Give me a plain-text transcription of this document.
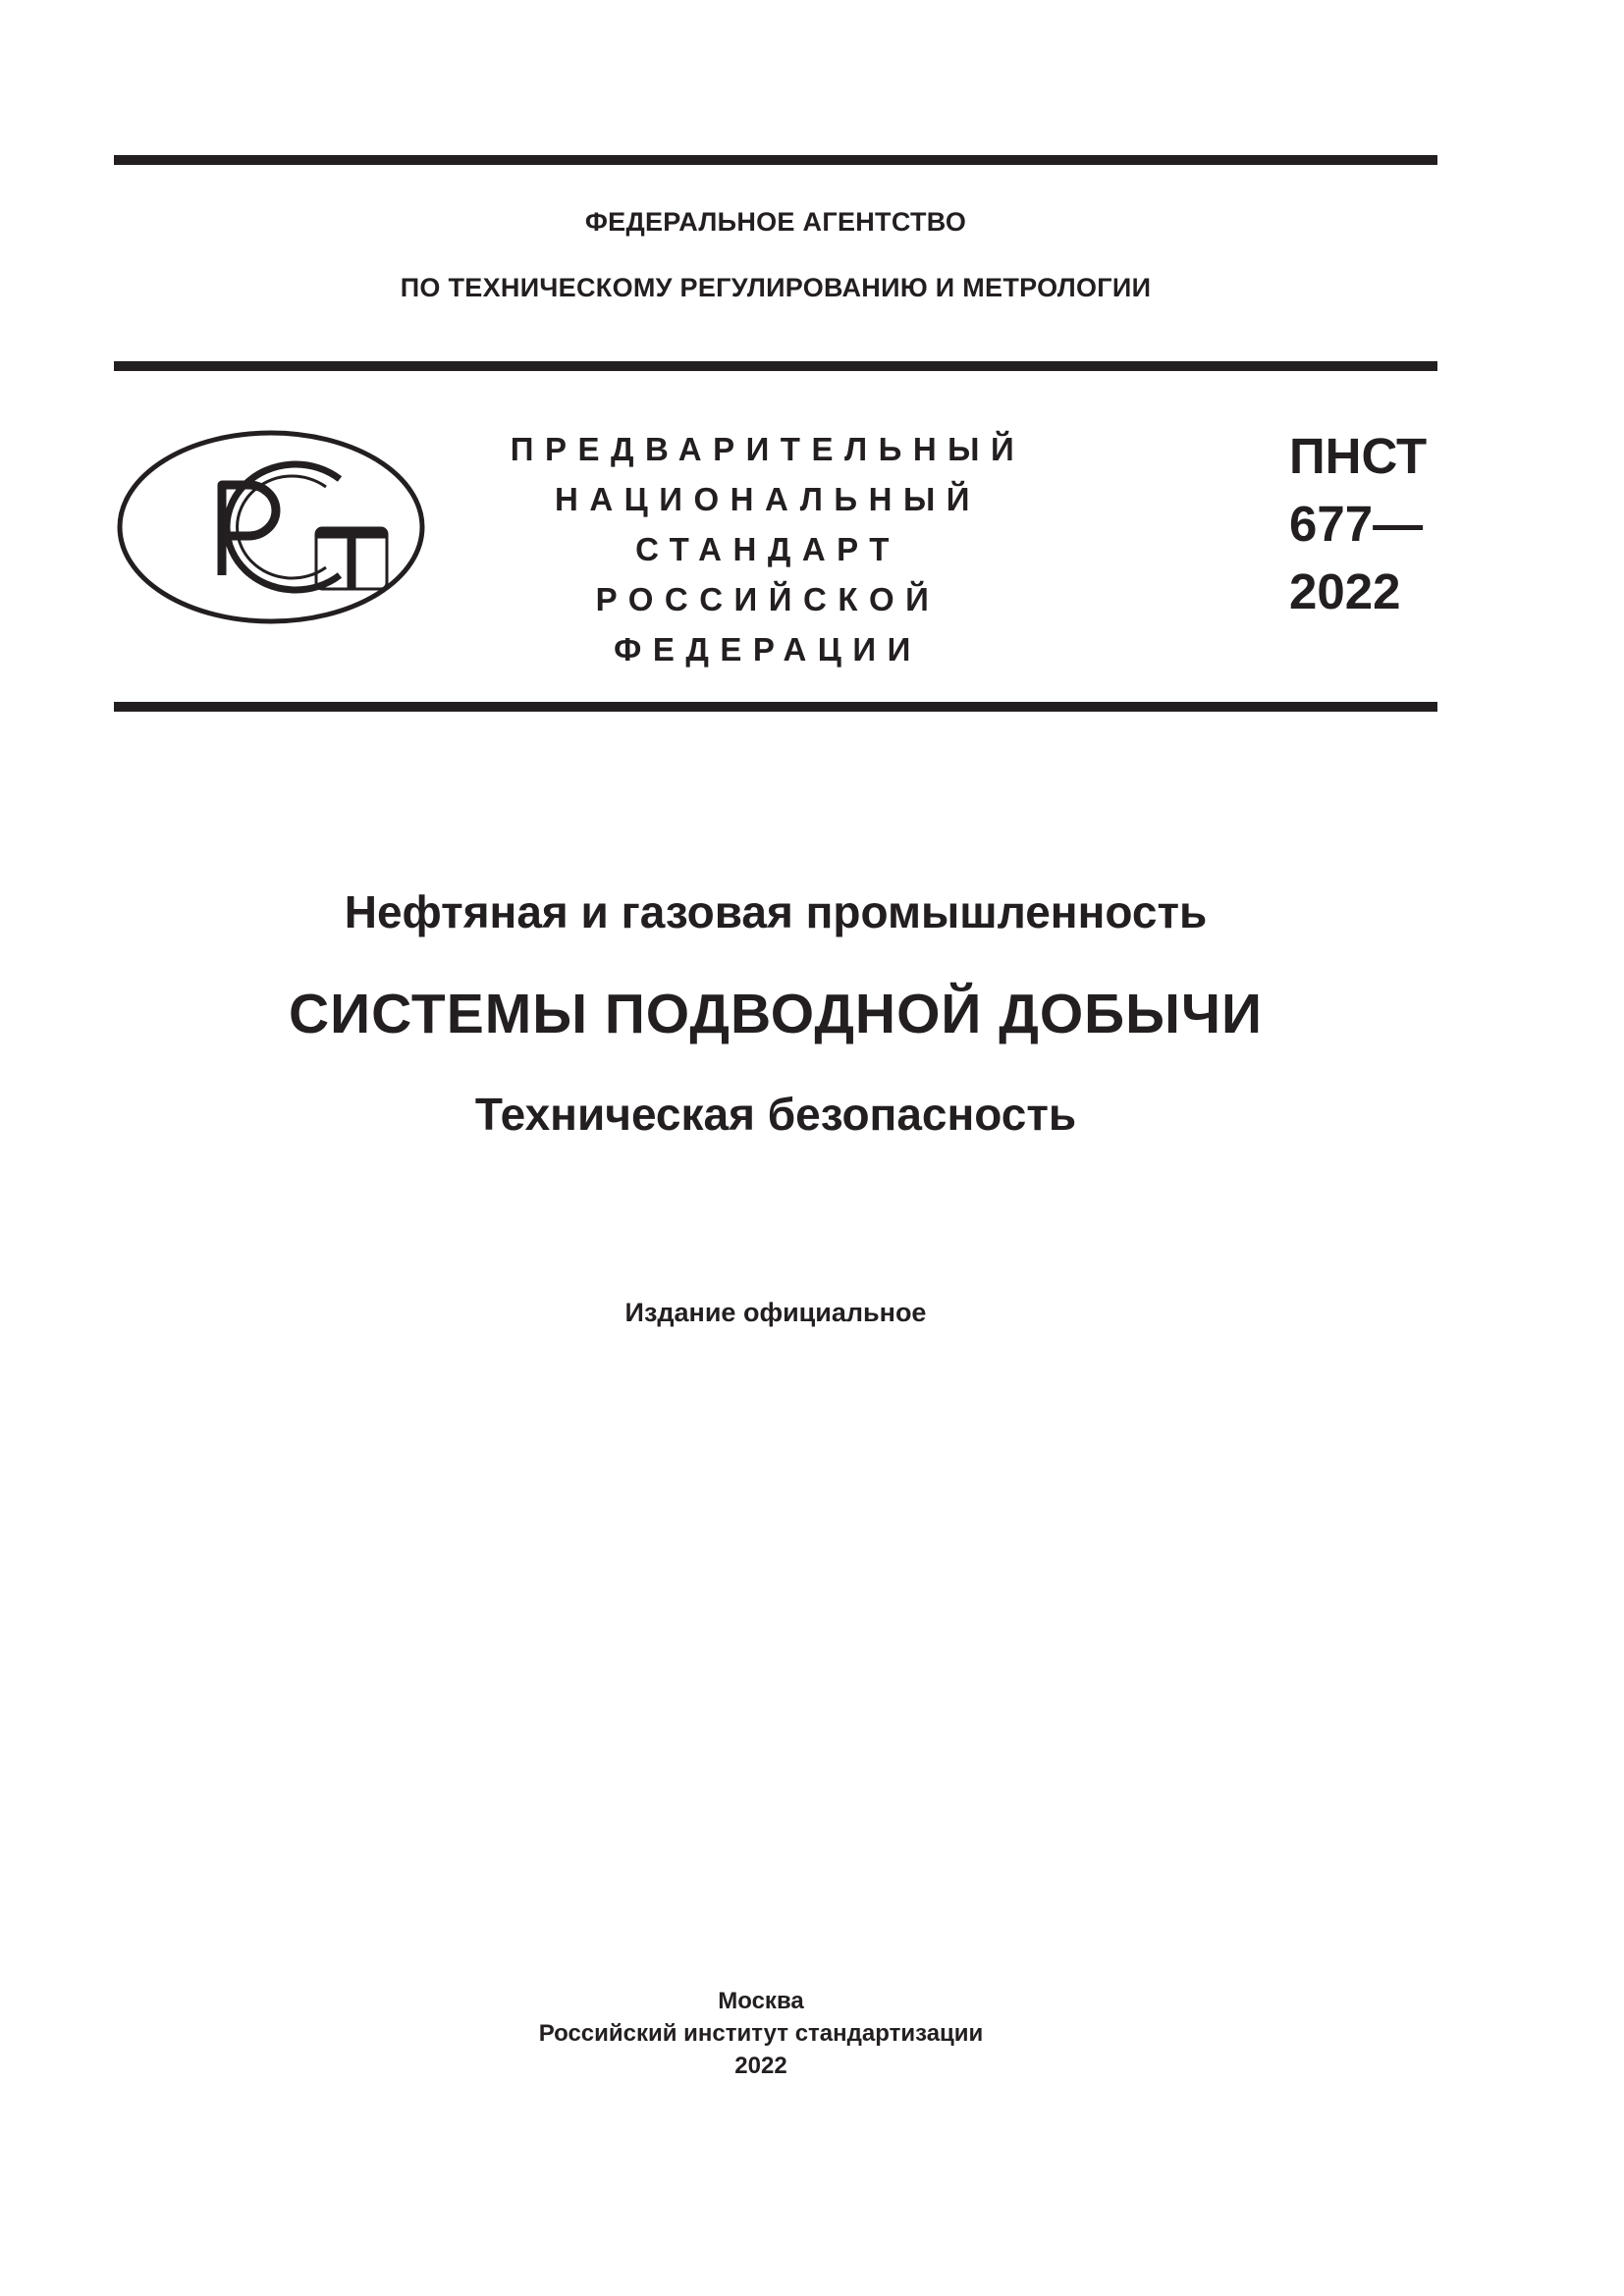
ФЕДЕРАЛЬНОЕ АГЕНТСТВО
ПО ТЕХНИЧЕСКОМУ РЕГУЛИРОВАНИЮ И МЕТРОЛОГИИ
ПРЕДВАРИТЕЛЬНЫЙ
НАЦИОНАЛЬНЫЙ
СТАНДАРТ
РОССИЙСКОЙ
ФЕДЕРАЦИИ
ПНСТ
677—
2022
Нефтяная и газовая промышленность
СИСТЕМЫ ПОДВОДНОЙ ДОБЫЧИ
Техническая безопасность
Издание официальное
Москва
Российский институт стандартизации
2022
